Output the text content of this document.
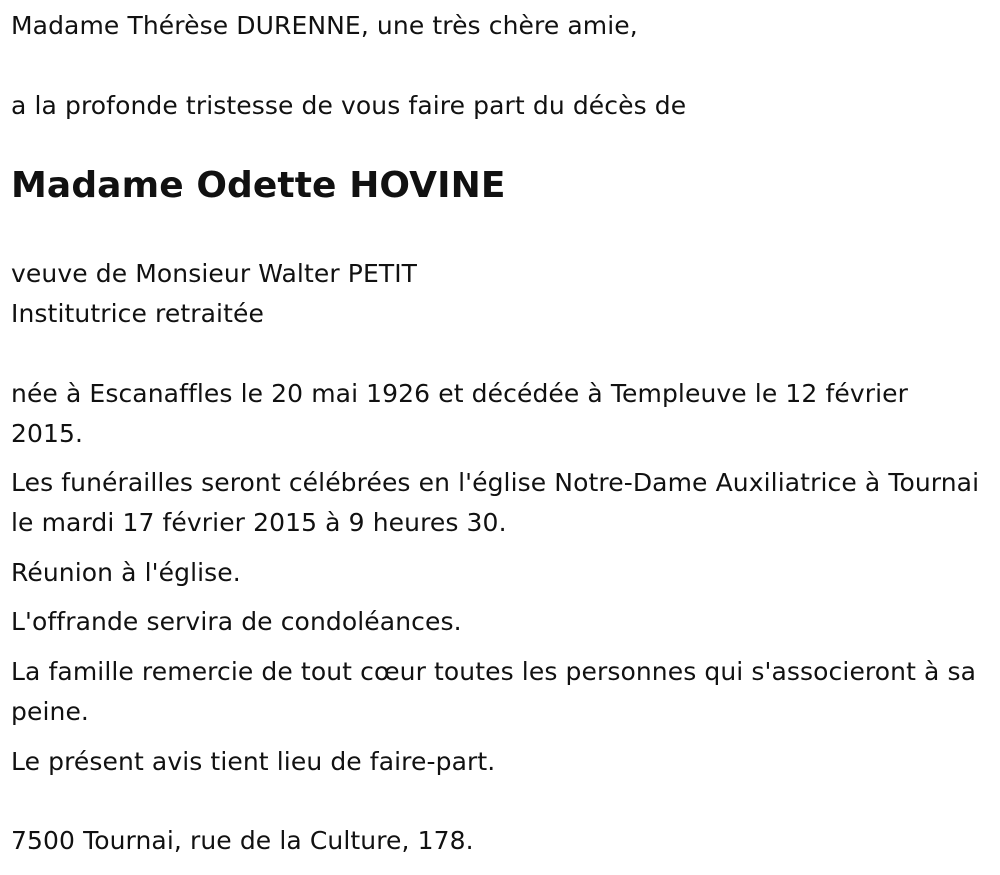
Madame Thérèse DURENNE, une très chère amie,

a la profonde tristesse de vous faire part du décès de

Madame Odette HOVINE

veuve de Monsieur Walter PETIT

Institutrice retraitée

née à Escanaffles le 20 mai 1926 et décédée à Templeuve le 12 février 2015.

Les funérailles seront célébrées en l'église Notre-Dame Auxiliatrice à Tournai le mardi 17 février 2015 à 9 heures 30.

Réunion à l'église.

L'offrande servira de condoléances.

La famille remercie de tout cœur toutes les personnes qui s'associeront à sa peine.

Le présent avis tient lieu de faire-part.

7500 Tournai, rue de la Culture, 178.
